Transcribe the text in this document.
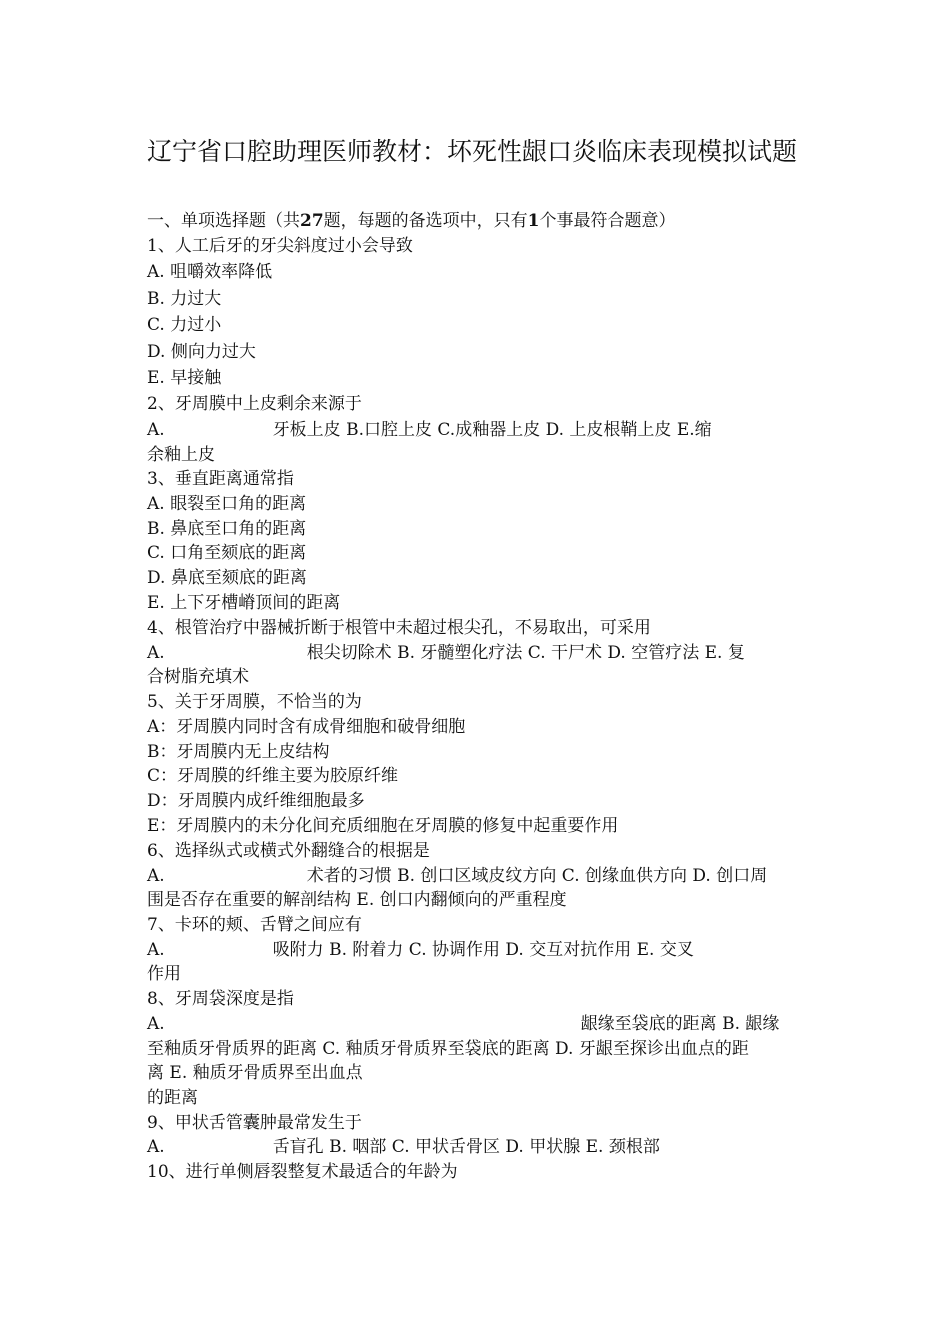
辽宁省口腔助理医师教材：坏死性龈口炎临床表现模拟试题
一、单项选择题（共27题，每题的备选项中，只有1个事最符合题意）
1、人工后牙的牙尖斜度过小会导致
A. 咀嚼效率降低
B. 力过大
C. 力过小
D. 侧向力过大
E. 早接触
2、牙周膜中上皮剩余来源于
A.	牙板上皮 B.口腔上皮 C.成釉器上皮 D. 上皮根鞘上皮 E.缩
余釉上皮
3、垂直距离通常指
A. 眼裂至口角的距离
B. 鼻底至口角的距离
C. 口角至颏底的距离
D. 鼻底至颏底的距离
E. 上下牙槽嵴顶间的距离
4、根管治疗中器械折断于根管中未超过根尖孔，不易取出，可采用
A.	根尖切除术 B. 牙髓塑化疗法 C. 干尸术 D. 空管疗法 E. 复
合树脂充填术
5、关于牙周膜，不恰当的为
A：牙周膜内同时含有成骨细胞和破骨细胞
B：牙周膜内无上皮结构
C：牙周膜的纤维主要为胶原纤维
D：牙周膜内成纤维细胞最多
E：牙周膜内的未分化间充质细胞在牙周膜的修复中起重要作用
6、选择纵式或横式外翻缝合的根据是
A.	术者的习惯 B. 创口区域皮纹方向 C. 创缘血供方向 D. 创口周
围是否存在重要的解剖结构 E. 创口内翻倾向的严重程度
7、卡环的颊、舌臂之间应有
A.	吸附力 B. 附着力 C. 协调作用 D. 交互对抗作用 E. 交叉
作用
8、牙周袋深度是指
A.	龈缘至袋底的距离 B. 龈缘
至釉质牙骨质界的距离 C. 釉质牙骨质界至袋底的距离 D. 牙龈至探诊出血点的距
离 E. 釉质牙骨质界至出血点
的距离
9、甲状舌管囊肿最常发生于
A.	舌盲孔 B. 咽部 C. 甲状舌骨区 D. 甲状腺 E. 颈根部
10、进行单侧唇裂整复术最适合的年龄为
